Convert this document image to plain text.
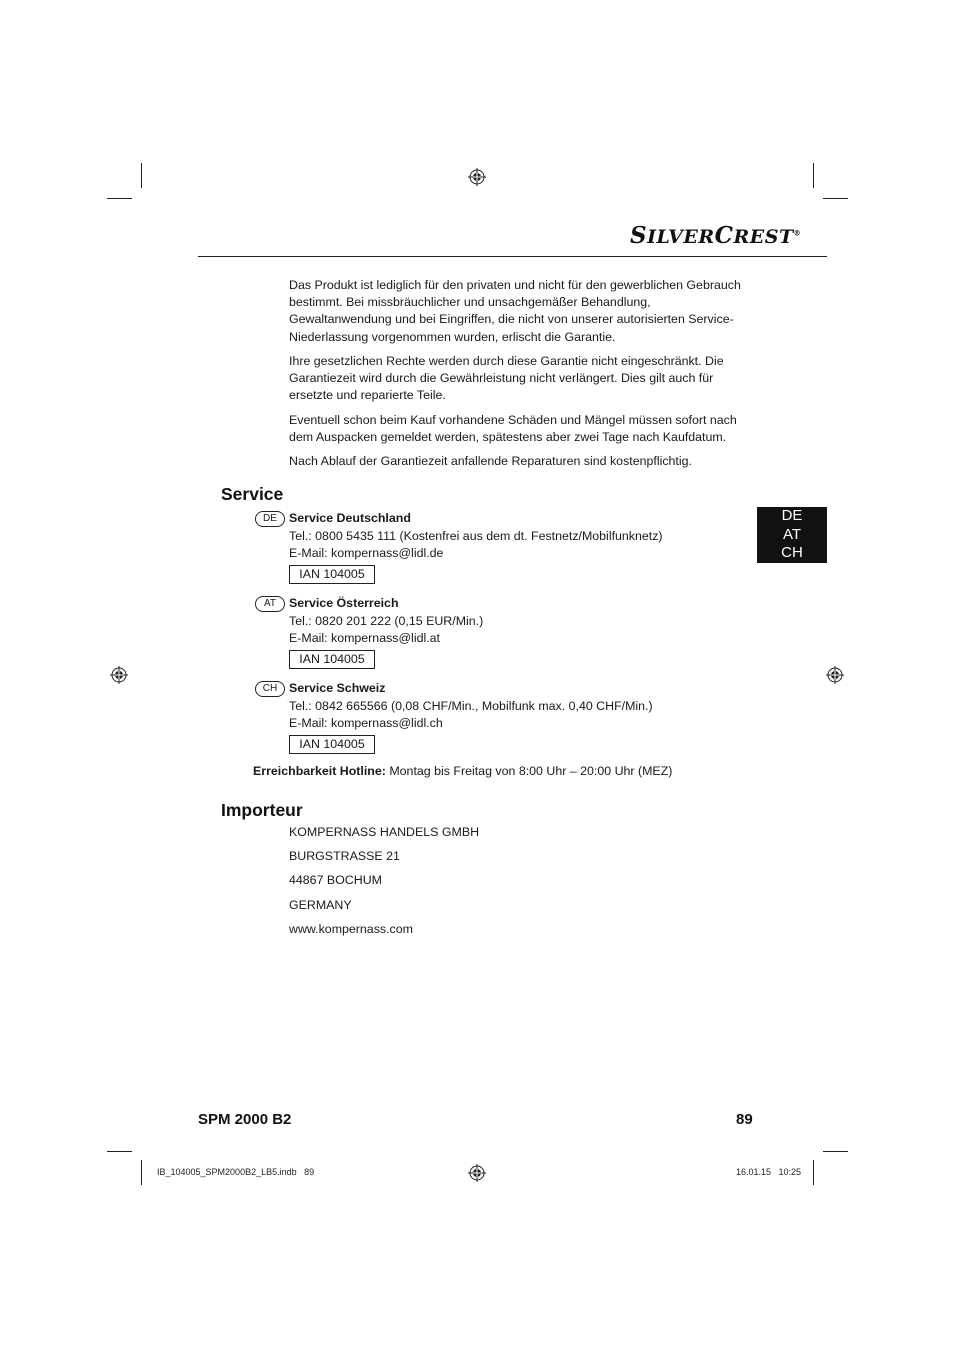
SILVERCREST®

Das Produkt ist lediglich für den privaten und nicht für den gewerblichen Gebrauch bestimmt. Bei missbräuchlicher und unsachgemäßer Behandlung, Gewaltanwendung und bei Eingriffen, die nicht von unserer autorisierten Service-Niederlassung vorgenommen wurden, erlischt die Garantie.

Ihre gesetzlichen Rechte werden durch diese Garantie nicht eingeschränkt. Die Garantiezeit wird durch die Gewährleistung nicht verlängert. Dies gilt auch für ersetzte und reparierte Teile.

Eventuell schon beim Kauf vorhandene Schäden und Mängel müssen sofort nach dem Auspacken gemeldet werden, spätestens aber zwei Tage nach Kaufdatum.

Nach Ablauf der Garantiezeit anfallende Reparaturen sind kostenpflichtig.

Service
DE
AT
CH
DE Service Deutschland
Tel.: 0800 5435 111 (Kostenfrei aus dem dt. Festnetz/Mobilfunknetz)
E-Mail: kompernass@lidl.de
IAN 104005
AT	Service Österreich
Tel.: 0820 201 222 (0,15 EUR/Min.)
E-Mail: kompernass@lidl.at
IAN 104005
CH Service Schweiz
Tel.: 0842 665566 (0,08 CHF/Min., Mobilfunk max. 0,40 CHF/Min.)
E-Mail: kompernass@lidl.ch
IAN 104005
Erreichbarkeit Hotline: Montag bis Freitag von 8:00 Uhr – 20:00 Uhr (MEZ)
Importeur
KOMPERNASS HANDELS GMBH
BURGSTRASSE 21
44867 BOCHUM
GERMANY
www.kompernass.com
SPM 2000 B2	89
IB_104005_SPM2000B2_LB5.indb   89	16.01.15   10:25
